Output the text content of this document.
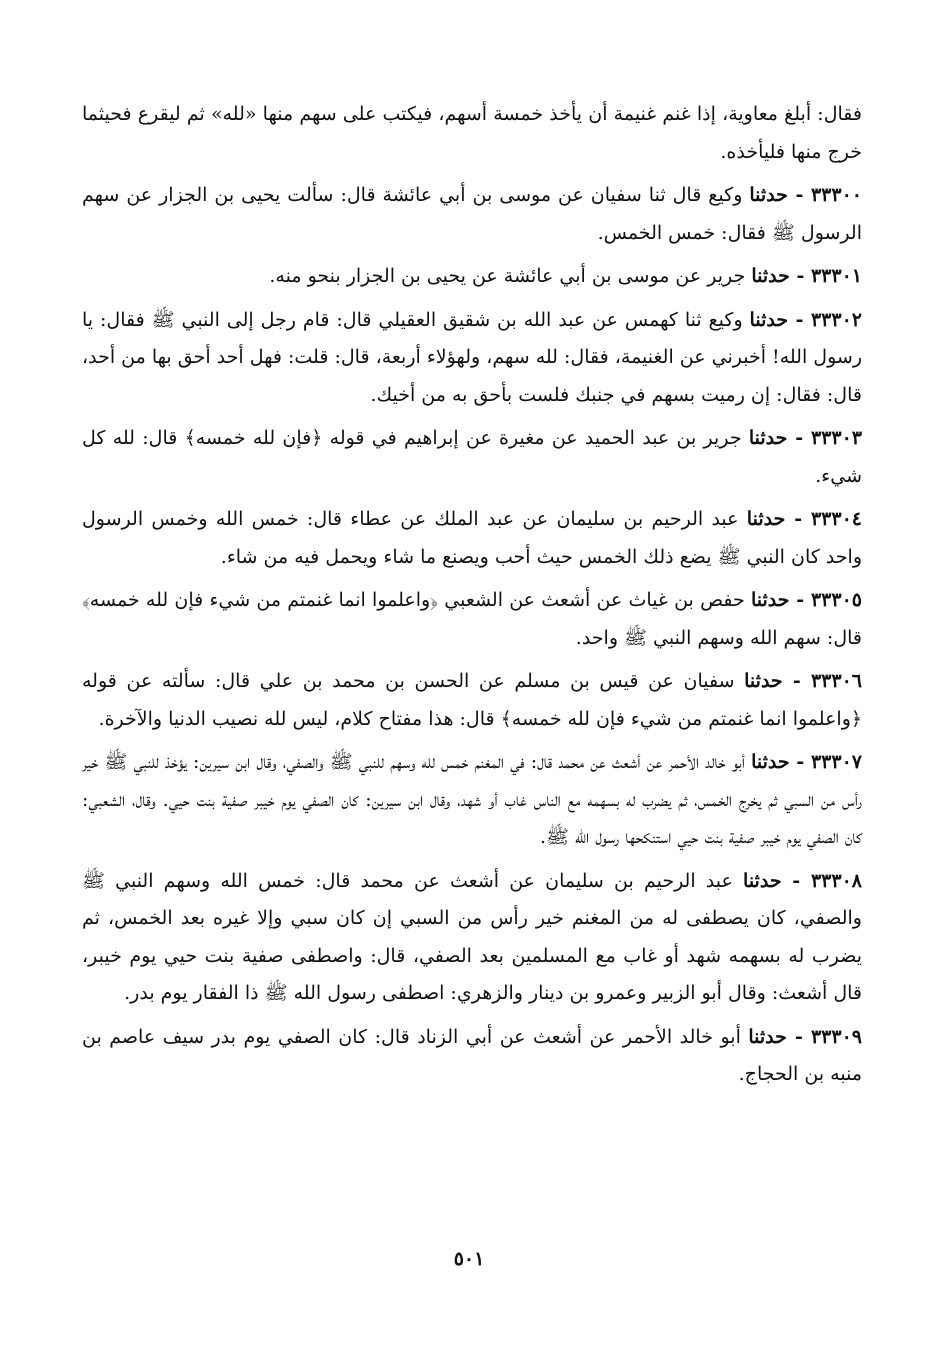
فقال: أبلغ معاوية، إذا غنم غنيمة أن يأخذ خمسة أسهم، فيكتب على سهم منها «لله» ثم ليقرع فحيثما خرج منها فليأخذه.

٣٣٣٠٠ - حدثنا وكيع قال ثنا سفيان عن موسى بن أبي عائشة قال: سألت يحيى بن الجزار عن سهم الرسول ﷺ فقال: خمس الخمس.

٣٣٣٠١ - حدثنا جرير عن موسى بن أبي عائشة عن يحيى بن الجزار بنحو منه.

٣٣٣٠٢ - حدثنا وكيع ثنا كهمس عن عبد الله بن شقيق العقيلي قال: قام رجل إلى النبي ﷺ فقال: يا رسول الله! أخبرني عن الغنيمة، فقال: لله سهم، ولهؤلاء أربعة، قال: قلت: فهل أحد أحق بها من أحد، قال: فقال: إن رميت بسهم في جنبك فلست بأحق به من أخيك.

٣٣٣٠٣ - حدثنا جرير بن عبد الحميد عن مغيرة عن إبراهيم في قوله ﴿فإن لله خمسه﴾ قال: لله كل شيء.

٣٣٣٠٤ - حدثنا عبد الرحيم بن سليمان عن عبد الملك عن عطاء قال: خمس الله وخمس الرسول واحد كان النبي ﷺ يضع ذلك الخمس حيث أحب ويصنع ما شاء ويحمل فيه من شاء.

٣٣٣٠٥ - حدثنا حفص بن غياث عن أشعث عن الشعبي ﴿واعلموا انما غنمتم من شيء فإن لله خمسه﴾ قال: سهم الله وسهم النبي ﷺ واحد.

٣٣٣٠٦ - حدثنا سفيان عن قيس بن مسلم عن الحسن بن محمد بن علي قال: سألته عن قوله ﴿واعلموا انما غنمتم من شيء فإن لله خمسه﴾ قال: هذا مفتاح كلام، ليس لله نصيب الدنيا والآخرة.

٣٣٣٠٧ - حدثنا أبو خالد الأحمر عن أشعث عن محمد قال: في المغنم خمس لله وسهم للنبي ﷺ والصفي، وقال ابن سيرين: يؤخذ للنبي ﷺ خير رأس من السبي ثم يخرج الخمس، ثم يضرب له بسهمه مع الناس غاب أو شهد، وقال ابن سيرين: كان الصفي يوم خيبر صفية بنت حيي. وقال، الشعبي: كان الصفي يوم خيبر صفية بنت حيي استنكحها رسول الله ﷺ.

٣٣٣٠٨ - حدثنا عبد الرحيم بن سليمان عن أشعث عن محمد قال: خمس الله وسهم النبي ﷺ والصفي، كان يصطفى له من المغنم خير رأس من السبي إن كان سبي وإلا غيره بعد الخمس، ثم يضرب له بسهمه شهد أو غاب مع المسلمين بعد الصفي، قال: واصطفى صفية بنت حيي يوم خيبر، قال أشعث: وقال أبو الزبير وعمرو بن دينار والزهري: اصطفى رسول الله ﷺ ذا الفقار يوم بدر.

٣٣٣٠٩ - حدثنا أبو خالد الأحمر عن أشعث عن أبي الزناد قال: كان الصفي يوم بدر سيف عاصم بن منبه بن الحجاج.

٥٠١
